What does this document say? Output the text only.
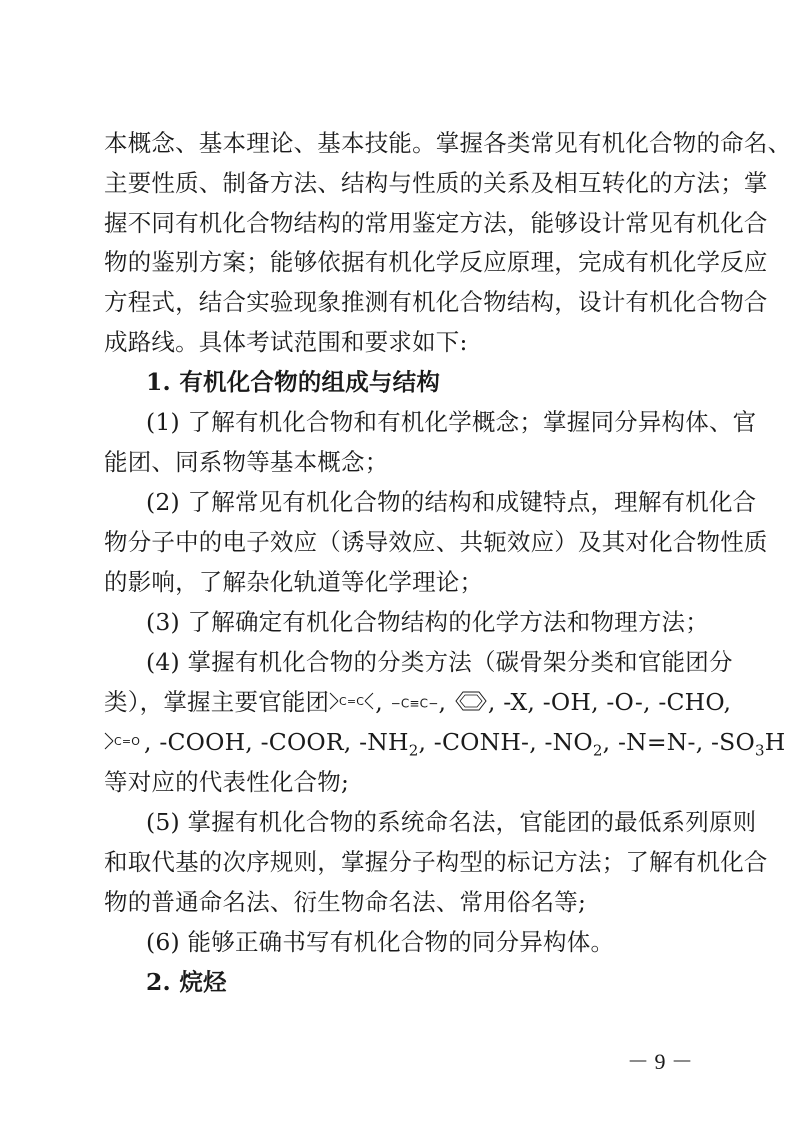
本概念、基本理论、基本技能。掌握各类常见有机化合物的命名、
主要性质、制备方法、结构与性质的关系及相互转化的方法；掌
握不同有机化合物结构的常用鉴定方法，能够设计常见有机化合
物的鉴别方案；能够依据有机化学反应原理，完成有机化学反应
方程式，结合实验现象推测有机化合物结构，设计有机化合物合
成路线。具体考试范围和要求如下:
1. 有机化合物的组成与结构
(1) 了解有机化合物和有机化学概念；掌握同分异构体、官
能团、同系物等基本概念；
(2) 了解常见有机化合物的结构和成键特点，理解有机化合
物分子中的电子效应（诱导效应、共轭效应）及其对化合物性质
的影响，了解杂化轨道等化学理论；
(3) 了解确定有机化合物结构的化学方法和物理方法；
(4) 掌握有机化合物的分类方法（碳骨架分类和官能团分
类），掌握主要官能团 C=C , −C≡C−, , -X, -OH, -O-, -CHO,
C=O , -COOH, -COOR, $-NH_2$, -CONH-, $-NO_2$, -N=N-, $-SO_3H$
等对应的代表性化合物;
(5) 掌握有机化合物的系统命名法，官能团的最低系列原则
和取代基的次序规则，掌握分子构型的标记方法；了解有机化合
物的普通命名法、衍生物命名法、常用俗名等;
(6) 能够正确书写有机化合物的同分异构体。
2. 烷烃
－ 9 －
